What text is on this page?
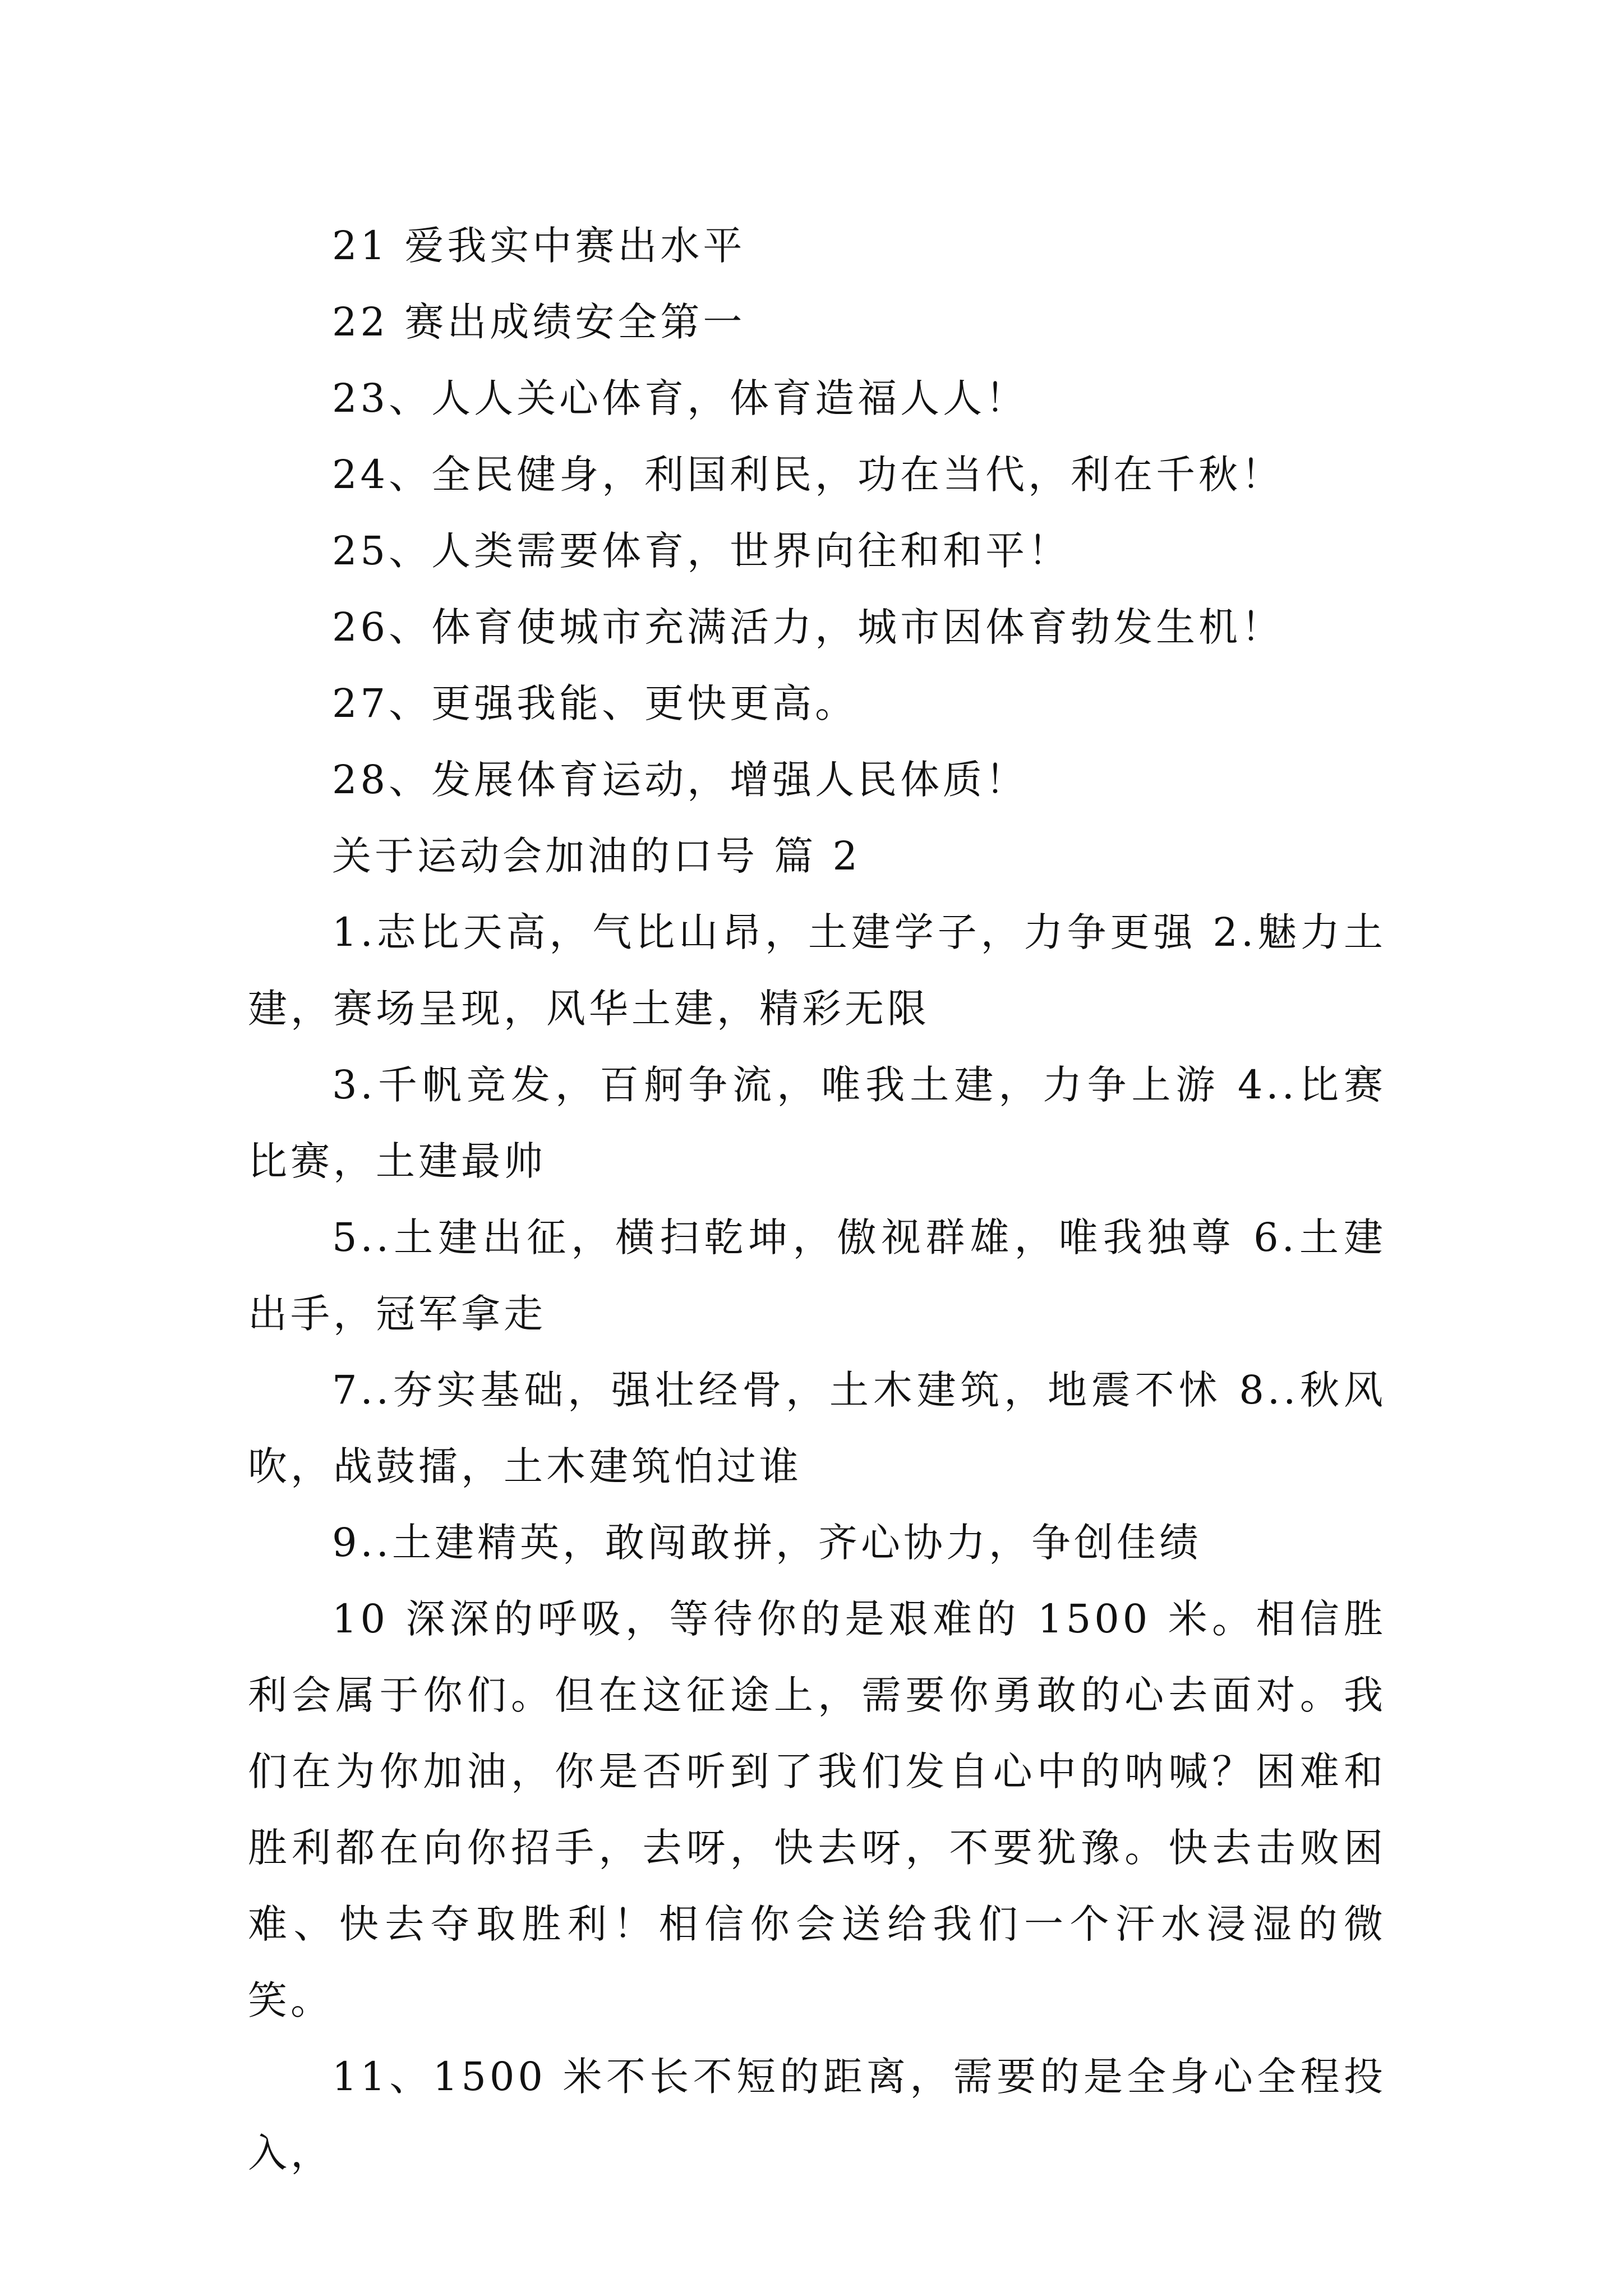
21 爱我实中赛出水平
22 赛出成绩安全第一
23、人人关心体育，体育造福人人！
24、全民健身，利国利民，功在当代，利在千秋！
25、人类需要体育，世界向往和和平！
26、体育使城市充满活力，城市因体育勃发生机！
27、更强我能、更快更高。
28、发展体育运动，增强人民体质！
关于运动会加油的口号 篇 2
1.志比天高，气比山昂，土建学子，力争更强 2.魅力土建，赛场呈现，风华土建，精彩无限
3.千帆竞发，百舸争流，唯我土建，力争上游 4..比赛比赛，土建最帅
5..土建出征，横扫乾坤，傲视群雄，唯我独尊 6.土建出手，冠军拿走
7..夯实基础，强壮经骨，土木建筑，地震不怵 8..秋风吹，战鼓擂，土木建筑怕过谁
9..土建精英，敢闯敢拼，齐心协力，争创佳绩
10 深深的呼吸，等待你的是艰难的 1500 米。相信胜利会属于你们。但在这征途上，需要你勇敢的心去面对。我们在为你加油，你是否听到了我们发自心中的呐喊？困难和胜利都在向你招手，去呀，快去呀，不要犹豫。快去击败困难、快去夺取胜利！相信你会送给我们一个汗水浸湿的微笑。
11、1500 米不长不短的距离，需要的是全身心全程投入，
